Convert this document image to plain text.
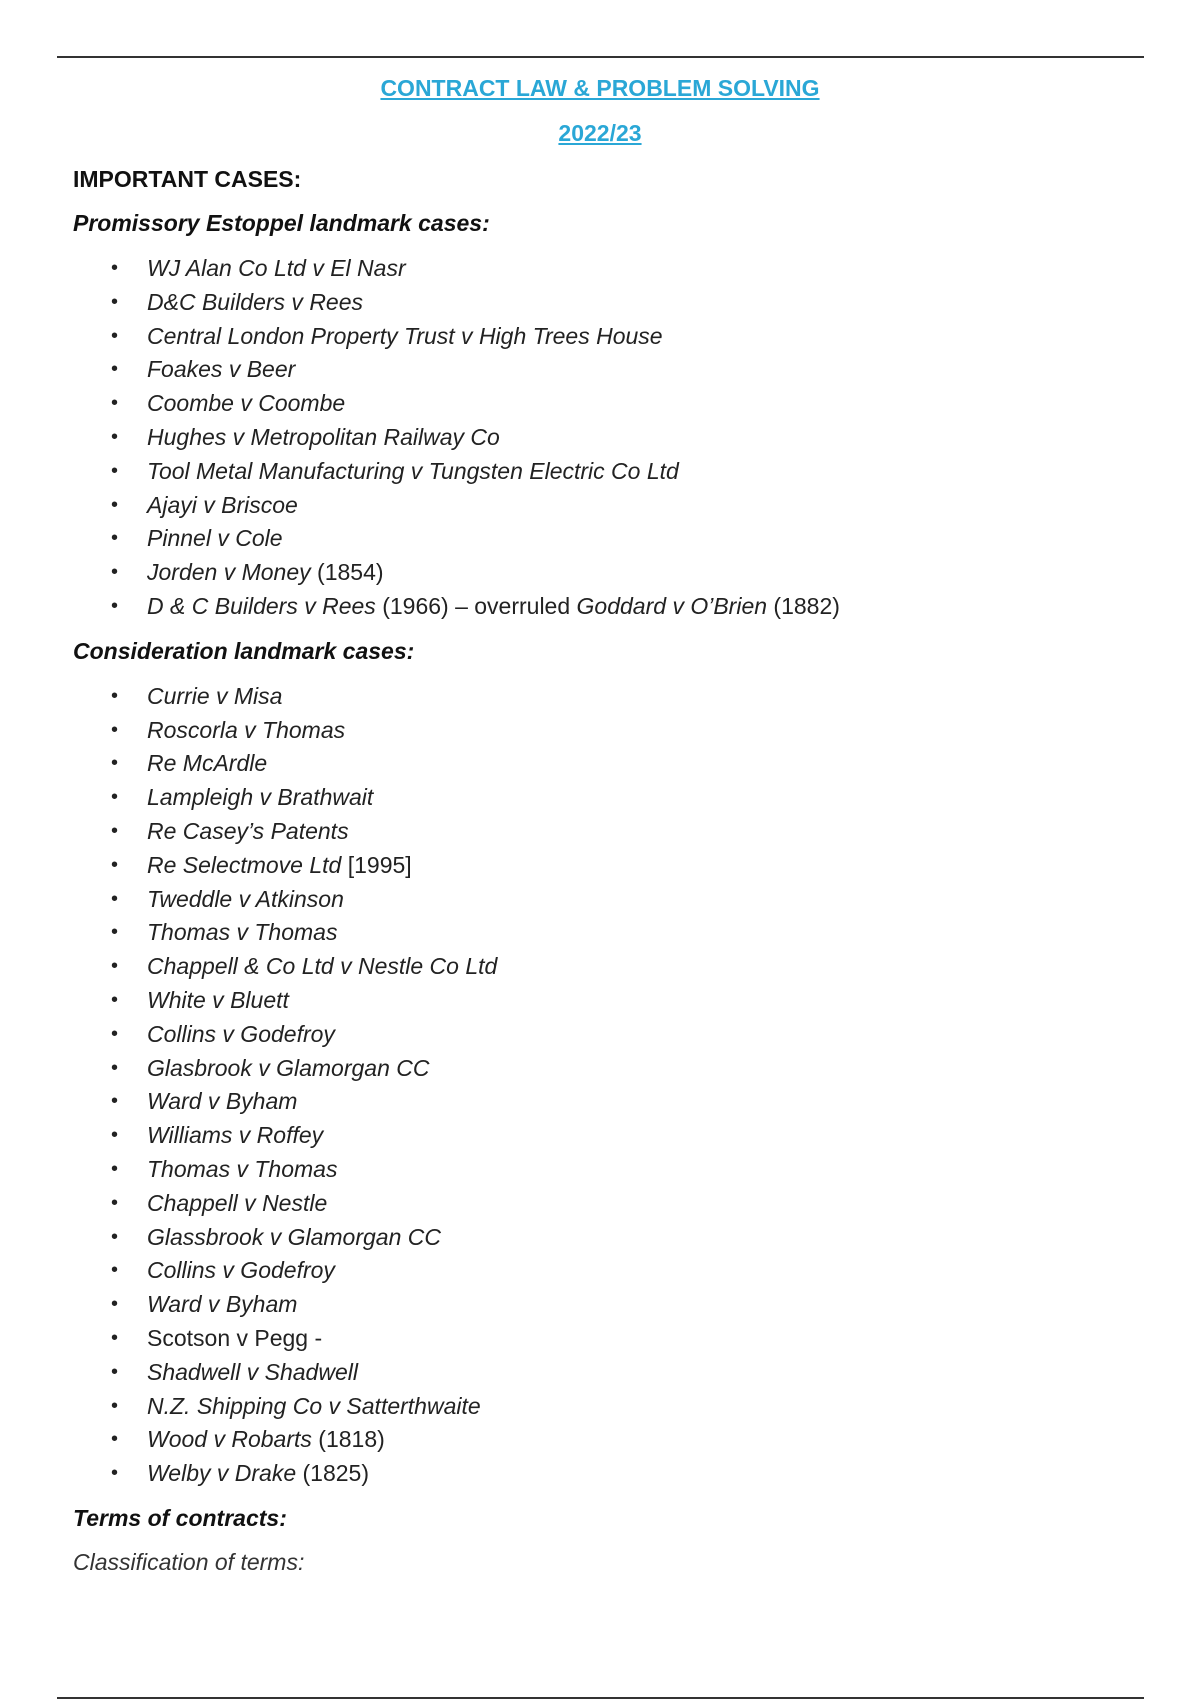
CONTRACT LAW & PROBLEM SOLVING

2022/23

IMPORTANT CASES:

Promissory Estoppel landmark cases:

• WJ Alan Co Ltd v El Nasr
• D&C Builders v Rees
• Central London Property Trust v High Trees House
• Foakes v Beer
• Coombe v Coombe
• Hughes v Metropolitan Railway Co
• Tool Metal Manufacturing v Tungsten Electric Co Ltd
• Ajayi v Briscoe
• Pinnel v Cole
• Jorden v Money (1854)
• D & C Builders v Rees (1966) – overruled Goddard v O’Brien (1882)

Consideration landmark cases:

• Currie v Misa
• Roscorla v Thomas
• Re McArdle
• Lampleigh v Brathwait
• Re Casey’s Patents
• Re Selectmove Ltd [1995]
• Tweddle v Atkinson
• Thomas v Thomas
• Chappell & Co Ltd v Nestle Co Ltd
• White v Bluett
• Collins v Godefroy
• Glasbrook v Glamorgan CC
• Ward v Byham
• Williams v Roffey
• Thomas v Thomas
• Chappell v Nestle
• Glassbrook v Glamorgan CC
• Collins v Godefroy
• Ward v Byham
• Scotson v Pegg -
• Shadwell v Shadwell
• N.Z. Shipping Co v Satterthwaite
• Wood v Robarts (1818)
• Welby v Drake (1825)

Terms of contracts:

Classification of terms:
